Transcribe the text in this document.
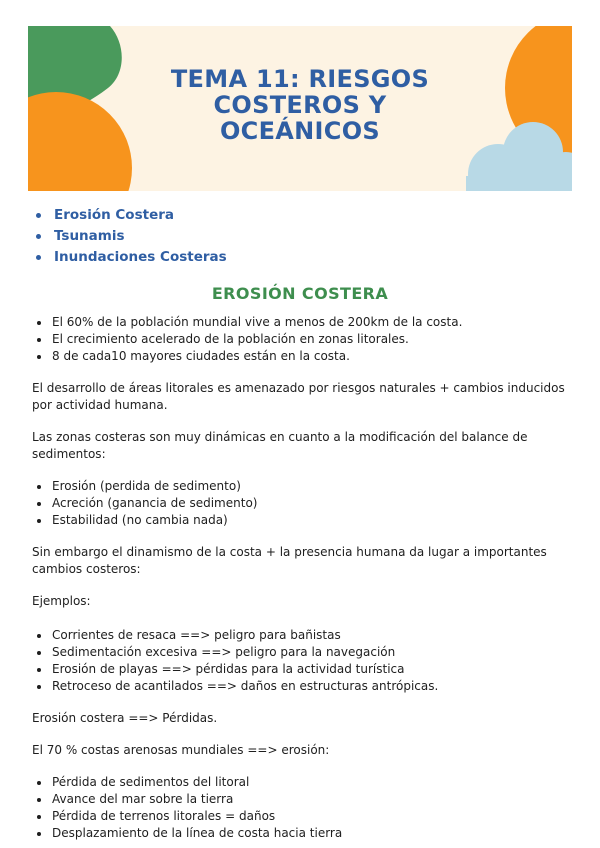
TEMA 11: RIESGOS
COSTEROS Y
OCEÁNICOS
Erosión Costera
Tsunamis
Inundaciones Costeras
EROSIÓN COSTERA
El 60% de la población mundial vive a menos de 200km de la costa.
El crecimiento acelerado de la población en zonas litorales.
8 de cada10 mayores ciudades están en la costa.

El desarrollo de áreas litorales es amenazado por riesgos naturales + cambios inducidos por actividad humana.

Las zonas costeras son muy dinámicas en cuanto a la modificación del balance de sedimentos:

Erosión (perdida de sedimento)
Acreción (ganancia de sedimento)
Estabilidad (no cambia nada)

Sin embargo el dinamismo de la costa + la presencia humana da lugar a importantes cambios costeros:

Ejemplos:

Corrientes de resaca ==> peligro para bañistas
Sedimentación excesiva ==> peligro para la navegación
Erosión de playas ==> pérdidas para la actividad turística
Retroceso de acantilados ==> daños en estructuras antrópicas.

Erosión costera ==> Pérdidas.

El 70 % costas arenosas mundiales ==> erosión:

Pérdida de sedimentos del litoral
Avance del mar sobre la tierra
Pérdida de terrenos litorales = daños
Desplazamiento de la línea de costa hacia tierra
